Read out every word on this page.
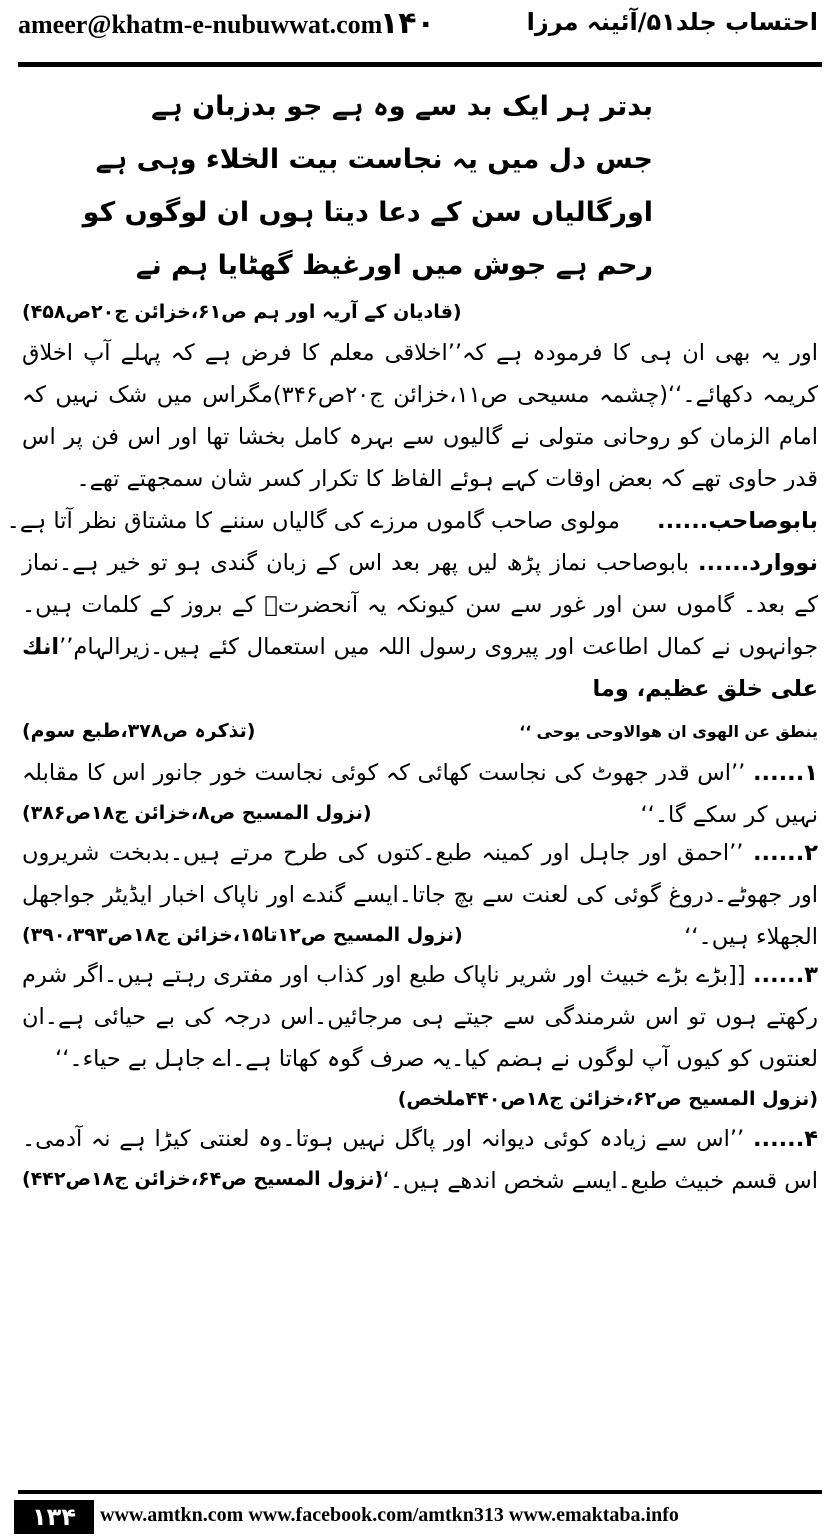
ameer@khatm-e-nubuwwat.com
۱۴۰	احتساب جلد۵۱/آئینہ مرزا
بدتر ہر ایک بد سے وہ ہے جو بدزبان ہے
جس دل میں یہ نجاست بیت الخلاء وہی ہے
اورگالیاں سن کے دعا دیتا ہوں ان لوگوں کو
رحم ہے جوش میں اورغیظ گھٹایا ہم نے
(قادیان کے آریہ اور ہم ص۶۱،خزائن ج۲۰ص۴۵۸)
اور یہ بھی ان ہی کا فرمودہ ہے کہ’’اخلاقی معلم کا فرض ہے کہ پہلے آپ اخلاق کریمہ دکھائے۔‘‘(چشمہ مسیحی ص۱۱،خزائن ج۲۰ص۳۴۶)مگراس میں شک نہیں کہ امام الزمان کو روحانی متولی نے گالیوں سے بہرہ کامل بخشا تھا اور اس فن پر اس قدر حاوی تھے کہ بعض اوقات کہے ہوئے الفاظ کا تکرار کسر شان سمجھتے تھے۔
بابوصاحب...... مولوی صاحب گاموں مرزے کی گالیاں سننے کا مشتاق نظر آتا ہے۔
نووارد...... بابوصاحب نماز پڑھ لیں پھر بعد اس کے زبان گندی ہو تو خیر ہے۔نماز کے بعد۔ گاموں سن اور غور سے سن کیونکہ یہ آنحضرتؐ کے بروز کے کلمات ہیں۔جوانہوں نے کمال اطاعت اور پیروی رسول اللہ میں استعمال کئے ہیں۔زیرالہام’’انك علی خلق عظیم، وما
ینطق عن الهوی ان هوالاوحی یوحی ‘‘
(تذکرہ ص۳۷۸،طبع سوم)
۱...... ’’اس قدر جھوٹ کی نجاست کھائی کہ کوئی نجاست خور جانور اس کا مقابلہ نہیں کر سکے گا۔‘‘
(نزول المسیح ص۸،خزائن ج۱۸ص۳۸۶)
۲...... ’’احمق اور جاہل اور کمینہ طبع۔کتوں کی طرح مرتے ہیں۔بدبخت شریروں اور جھوٹے۔دروغ گوئی کی لعنت سے بچ جاتا۔ایسے گندے اور ناپاک اخبار ایڈیٹر جواجهل الجهلاء ہیں۔‘‘
(نزول المسیح ص۱۲تا۱۵،خزائن ج۱۸ص۳۹۰،۳۹۳)
۳...... [[بڑے بڑے خبیث اور شریر ناپاک طبع اور کذاب اور مفتری رہتے ہیں۔اگر شرم رکھتے ہوں تو اس شرمندگی سے جیتے ہی مرجائیں۔اس درجہ کی بے حیائی ہے۔ان لعنتوں کو کیوں آپ لوگوں نے ہضم کیا۔یہ صرف گوہ کھاتا ہے۔اے جاہل بے حیاء۔‘‘
(نزول المسیح ص۶۲،خزائن ج۱۸ص۴۴۰ملخص)
۴...... ’’اس سے زیادہ کوئی دیوانہ اور پاگل نہیں ہوتا۔وہ لعنتی کیڑا ہے نہ آدمی۔اس قسم خبیث طبع۔ایسے شخص اندھے ہیں۔‘‘
(نزول المسیح ص۶۴،خزائن ج۱۸ص۴۴۲)
۱۳۴	www.amtkn.com www.facebook.com/amtkn313 www.emaktaba.info
